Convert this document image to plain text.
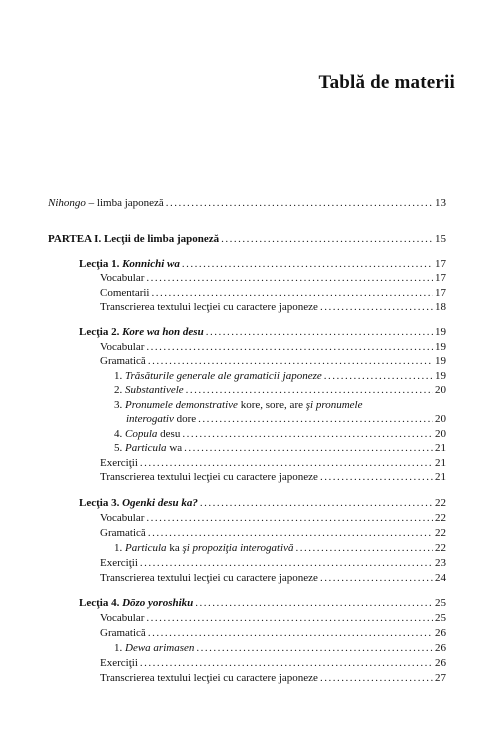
Tablă de materii
Nihongo – limba japoneză .....	13
PARTEA I. Lecţii de limba japoneză .....	15
Lecţia 1. Konnichi wa .....	17
Vocabular .....	17
Comentarii .....	17
Transcrierea textului lecţiei cu caractere japoneze .....	18
Lecţia 2. Kore wa hon desu .....	19
Vocabular .....	19
Gramatică .....	19
1. Trăsăturile generale ale gramaticii japoneze .....	19
2. Substantivele .....	20
3. Pronumele demonstrative kore, sore, are şi pronumele
interogativ dore .....	20
4. Copula desu .....	20
5. Particula wa .....	21
Exerciţii .....	21
Transcrierea textului lecţiei cu caractere japoneze .....	21
Lecţia 3. Ogenki desu ka? .....	22
Vocabular .....	22
Gramatică .....	22
1. Particula ka şi propoziţia interogativă .....	22
Exerciţii .....	23
Transcrierea textului lecţiei cu caractere japoneze .....	24
Lecţia 4. Dōzo yoroshiku .....	25
Vocabular .....	25
Gramatică .....	26
1. Dewa arimasen .....	26
Exerciţii .....	26
Transcrierea textului lecţiei cu caractere japoneze .....	27
